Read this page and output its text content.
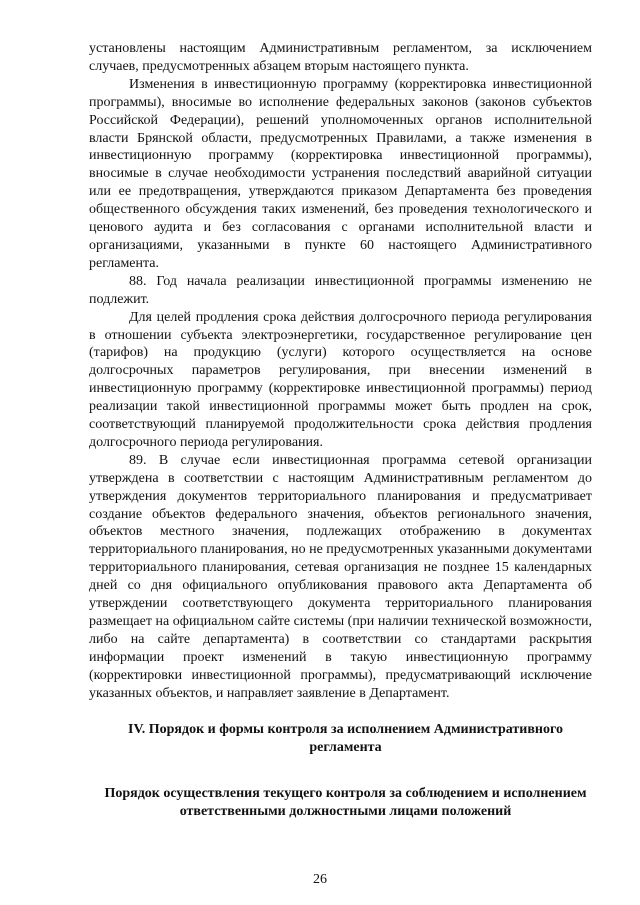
установлены настоящим Административным регламентом, за исключением случаев, предусмотренных абзацем вторым настоящего пункта.

Изменения в инвестиционную программу (корректировка инвестиционной программы), вносимые во исполнение федеральных законов (законов субъектов Российской Федерации), решений уполномоченных органов исполнительной власти Брянской области, предусмотренных Правилами, а также изменения в инвестиционную программу (корректировка инвестиционной программы), вносимые в случае необходимости устранения последствий аварийной ситуации или ее предотвращения, утверждаются приказом Департамента без проведения общественного обсуждения таких изменений, без проведения технологического и ценового аудита и без согласования с органами исполнительной власти и организациями, указанными в пункте 60 настоящего Административного регламента.

88. Год начала реализации инвестиционной программы изменению не подлежит.

Для целей продления срока действия долгосрочного периода регулирования в отношении субъекта электроэнергетики, государственное регулирование цен (тарифов) на продукцию (услуги) которого осуществляется на основе долгосрочных параметров регулирования, при внесении изменений в инвестиционную программу (корректировке инвестиционной программы) период реализации такой инвестиционной программы может быть продлен на срок, соответствующий планируемой продолжительности срока действия продления долгосрочного периода регулирования.

89. В случае если инвестиционная программа сетевой организации утверждена в соответствии с настоящим Административным регламентом до утверждения документов территориального планирования и предусматривает создание объектов федерального значения, объектов регионального значения, объектов местного значения, подлежащих отображению в документах территориального планирования, но не предусмотренных указанными документами территориального планирования, сетевая организация не позднее 15 календарных дней со дня официального опубликования правового акта Департамента об утверждении соответствующего документа территориального планирования размещает на официальном сайте системы (при наличии технической возможности, либо на сайте департамента) в соответствии со стандартами раскрытия информации проект изменений в такую инвестиционную программу (корректировки инвестиционной программы), предусматривающий исключение указанных объектов, и направляет заявление в Департамент.

IV. Порядок и формы контроля за исполнением Административного регламента

Порядок осуществления текущего контроля за соблюдением и исполнением ответственными должностными лицами положений

26
